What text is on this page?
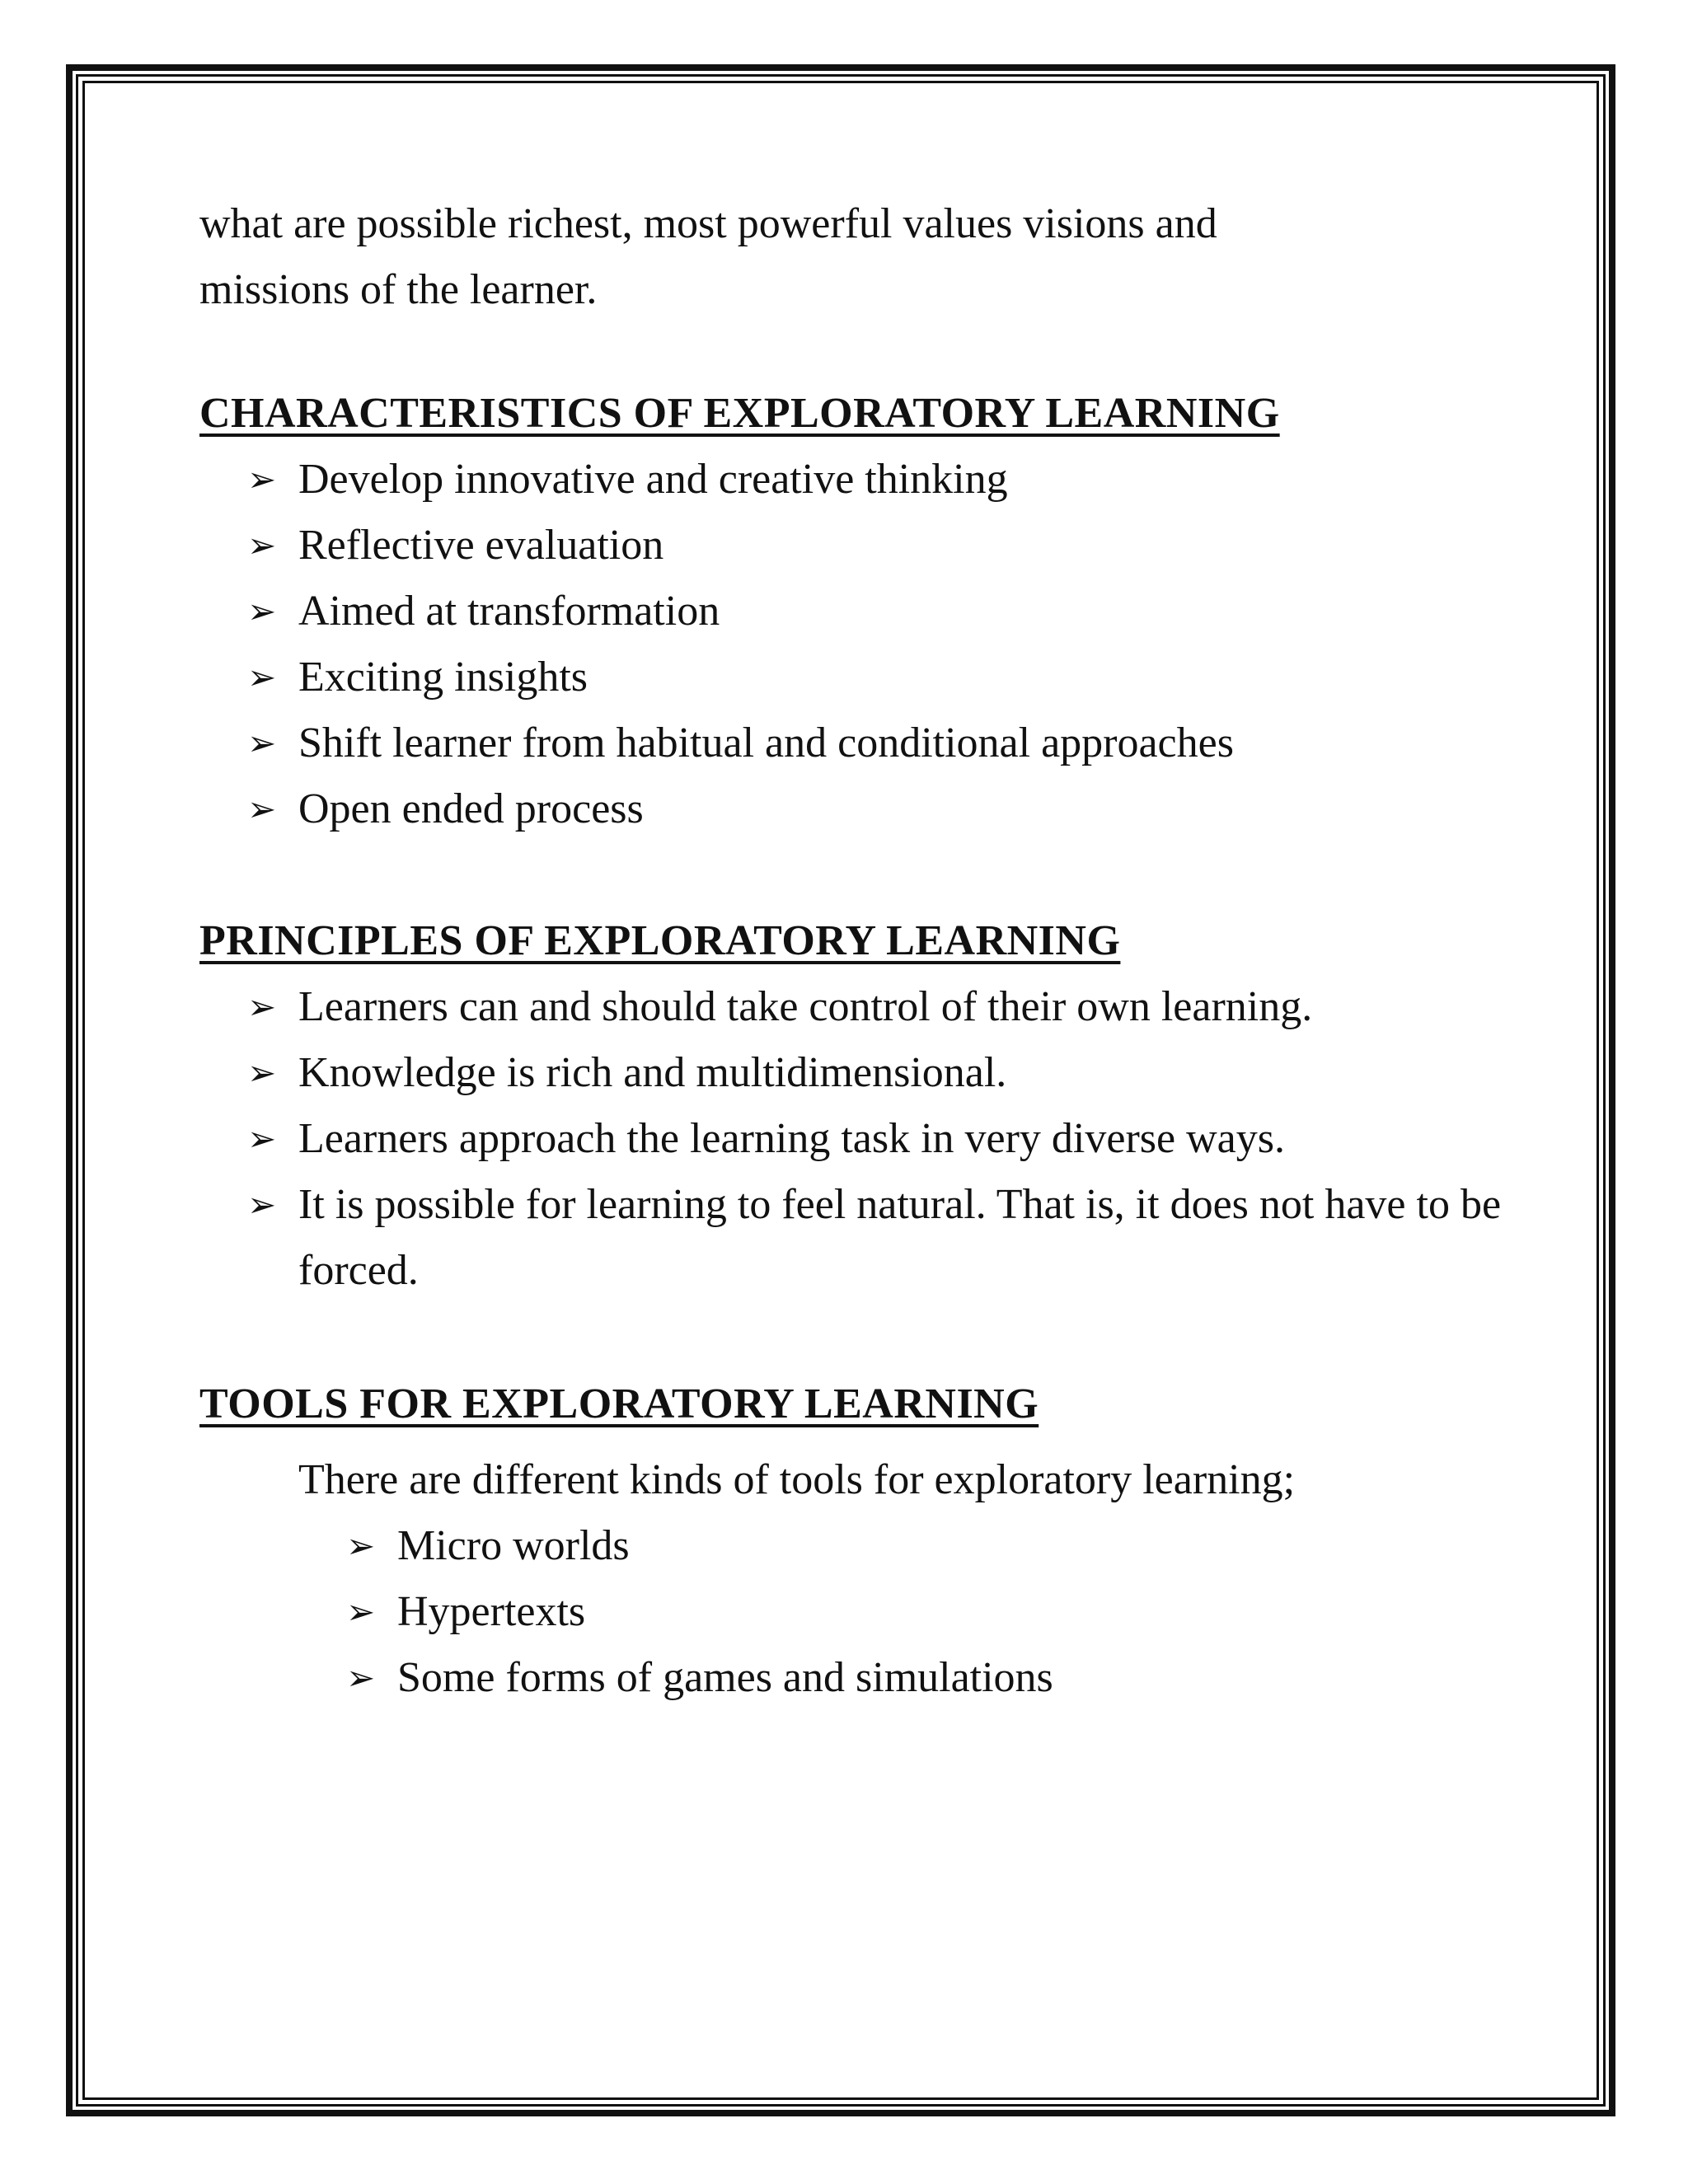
what are possible richest, most powerful values visions and

missions of the learner.

CHARACTERISTICS OF EXPLORATORY LEARNING
➢ Develop innovative and creative thinking
➢ Reflective evaluation
➢ Aimed at transformation
➢ Exciting insights
➢ Shift learner from habitual and conditional approaches
➢ Open ended process
PRINCIPLES OF EXPLORATORY LEARNING
➢ Learners can and should take control of their own learning.
➢ Knowledge is rich and multidimensional.
➢ Learners approach the learning task in very diverse ways.
➢ It is possible for learning to feel natural. That is, it does not have to be forced.
TOOLS FOR EXPLORATORY LEARNING

There are different kinds of tools for exploratory learning;

➢ Micro worlds
➢ Hypertexts
➢ Some forms of games and simulations
